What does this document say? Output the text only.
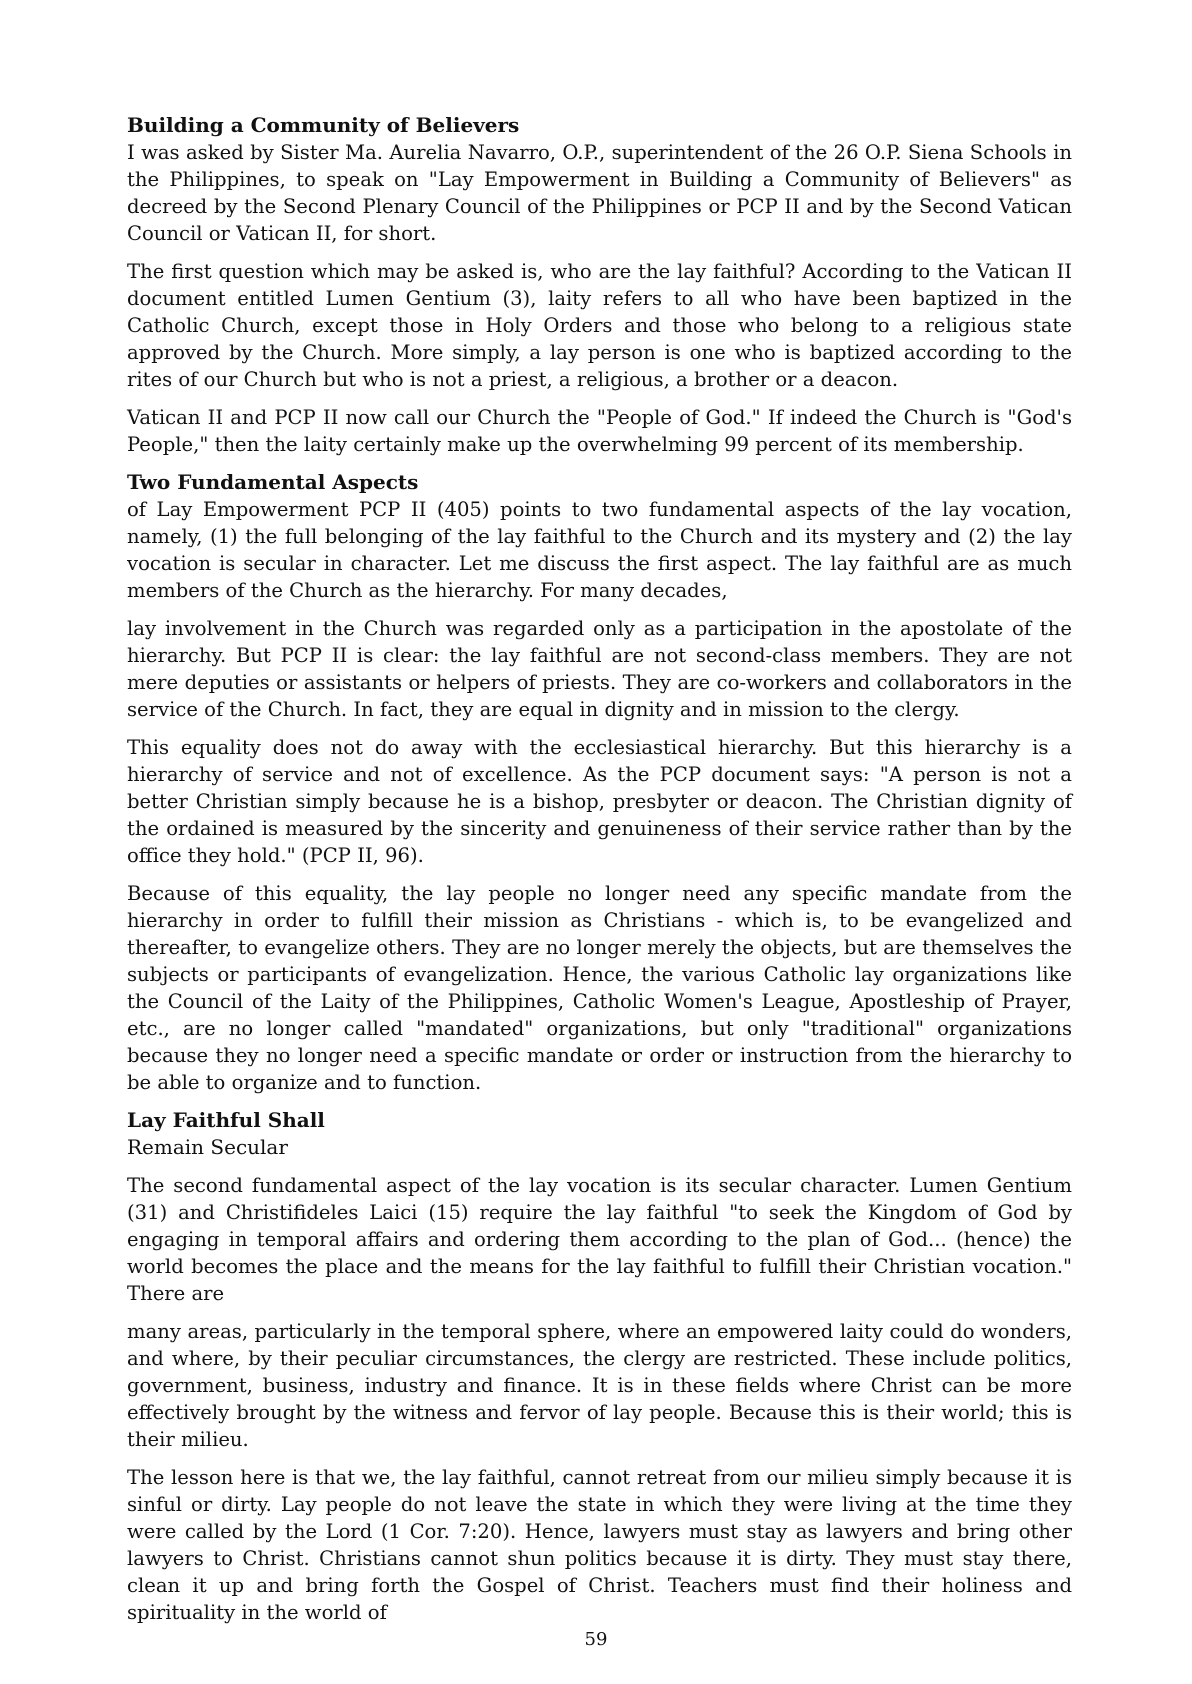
Building a Community of Believers

I was asked by Sister Ma. Aurelia Navarro, O.P., superintendent of the 26 O.P. Siena Schools in the Philippines, to speak on "Lay Empowerment in Building a Community of Believers" as decreed by the Second Plenary Council of the Philippines or PCP II and by the Second Vatican Council or Vatican II, for short.

The first question which may be asked is, who are the lay faithful? According to the Vatican II document entitled Lumen Gentium (3), laity refers to all who have been baptized in the Catholic Church, except those in Holy Orders and those who belong to a religious state approved by the Church. More simply, a lay person is one who is baptized according to the rites of our Church but who is not a priest, a religious, a brother or a deacon.

Vatican II and PCP II now call our Church the "People of God." If indeed the Church is "God's People," then the laity certainly make up the overwhelming 99 percent of its membership.

Two Fundamental Aspects

of Lay Empowerment PCP II (405) points to two fundamental aspects of the lay vocation, namely, (1) the full belonging of the lay faithful to the Church and its mystery and (2) the lay vocation is secular in character. Let me discuss the first aspect. The lay faithful are as much members of the Church as the hierarchy. For many decades,

lay involvement in the Church was regarded only as a participation in the apostolate of the hierarchy. But PCP II is clear: the lay faithful are not second-class members. They are not mere deputies or assistants or helpers of priests. They are co-workers and collaborators in the service of the Church. In fact, they are equal in dignity and in mission to the clergy.

This equality does not do away with the ecclesiastical hierarchy. But this hierarchy is a hierarchy of service and not of excellence. As the PCP document says: "A person is not a better Christian simply because he is a bishop, presbyter or deacon. The Christian dignity of the ordained is measured by the sincerity and genuineness of their service rather than by the office they hold." (PCP II, 96).

Because of this equality, the lay people no longer need any specific mandate from the hierarchy in order to fulfill their mission as Christians - which is, to be evangelized and thereafter, to evangelize others. They are no longer merely the objects, but are themselves the subjects or participants of evangelization. Hence, the various Catholic lay organizations like the Council of the Laity of the Philippines, Catholic Women's League, Apostleship of Prayer, etc., are no longer called "mandated" organizations, but only "traditional" organizations because they no longer need a specific mandate or order or instruction from the hierarchy to be able to organize and to function.

Lay Faithful Shall
Remain Secular

The second fundamental aspect of the lay vocation is its secular character. Lumen Gentium (31) and Christifideles Laici (15) require the lay faithful "to seek the Kingdom of God by engaging in temporal affairs and ordering them according to the plan of God... (hence) the world becomes the place and the means for the lay faithful to fulfill their Christian vocation." There are

many areas, particularly in the temporal sphere, where an empowered laity could do wonders, and where, by their peculiar circumstances, the clergy are restricted. These include politics, government, business, industry and finance. It is in these fields where Christ can be more effectively brought by the witness and fervor of lay people. Because this is their world; this is their milieu.

The lesson here is that we, the lay faithful, cannot retreat from our milieu simply because it is sinful or dirty. Lay people do not leave the state in which they were living at the time they were called by the Lord (1 Cor. 7:20). Hence, lawyers must stay as lawyers and bring other lawyers to Christ. Christians cannot shun politics because it is dirty. They must stay there, clean it up and bring forth the Gospel of Christ. Teachers must find their holiness and spirituality in the world of

59
